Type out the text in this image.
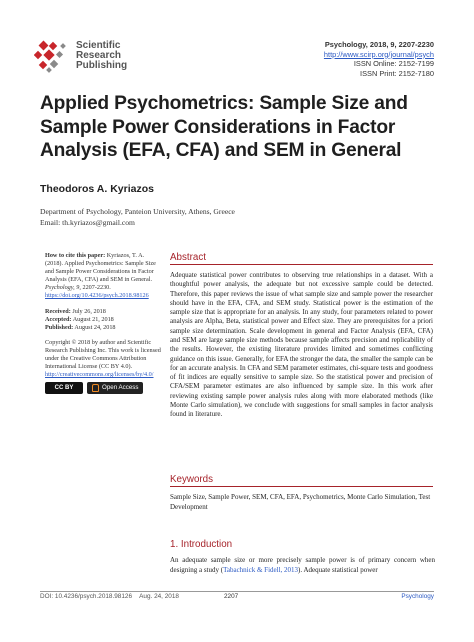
Scientific
Research
Publishing
Psychology, 2018, 9, 2207-2230
http://www.scirp.org/journal/psych
ISSN Online: 2152-7199
ISSN Print: 2152-7180
Applied Psychometrics: Sample Size and Sample Power Considerations in Factor Analysis (EFA, CFA) and SEM in General
Theodoros A. Kyriazos
Department of Psychology, Panteion University, Athens, Greece
Email: th.kyriazos@gmail.com

How to cite this paper: Kyriazos, T. A. (2018). Applied Psychometrics: Sample Size and Sample Power Considerations in Factor Analysis (EFA, CFA) and SEM in General. Psychology, 9, 2207-2230. https://doi.org/10.4236/psych.2018.98126

Received: July 26, 2018

Accepted: August 21, 2018

Published: August 24, 2018

Copyright © 2018 by author and Scientific Research Publishing Inc. This work is licensed under the Creative Commons Attribution International License (CC BY 4.0).

http://creativecommons.org/licenses/by/4.0/

CC BY	Open Access
Abstract
Adequate statistical power contributes to observing true relationships in a dataset. With a thoughtful power analysis, the adequate but not excessive sample could be detected. Therefore, this paper reviews the issue of what sample size and sample power the researcher should have in the EFA, CFA, and SEM study. Statistical power is the estimation of the sample size that is appropriate for an analysis. In any study, four parameters related to power analysis are Alpha, Beta, statistical power and Effect size. They are prerequisites for a priori sample size determination. Scale development in general and Factor Analysis (EFA, CFA) and SEM are large sample size methods because sample affects precision and replicability of the results. However, the existing literature provides limited and sometimes conflicting guidance on this issue. Generally, for EFA the stronger the data, the smaller the sample can be for an accurate analysis. In CFA and SEM parameter estimates, chi-square tests and goodness of fit indices are equally sensitive to sample size. So the statistical power and precision of CFA/SEM parameter estimates are also influenced by sample size. In this work after reviewing existing sample power analysis rules along with more elaborated methods (like Monte Carlo simulation), we conclude with suggestions for small samples in factor analysis found in literature.
Keywords
Sample Size, Sample Power, SEM, CFA, EFA, Psychometrics, Monte Carlo Simulation, Test Development
1. Introduction
An adequate sample size or more precisely sample power is of primary concern when designing a study (Tabachnick & Fidell, 2013). Adequate statistical power
DOI: 10.4236/psych.2018.98126 Aug. 24, 2018	2207	Psychology
